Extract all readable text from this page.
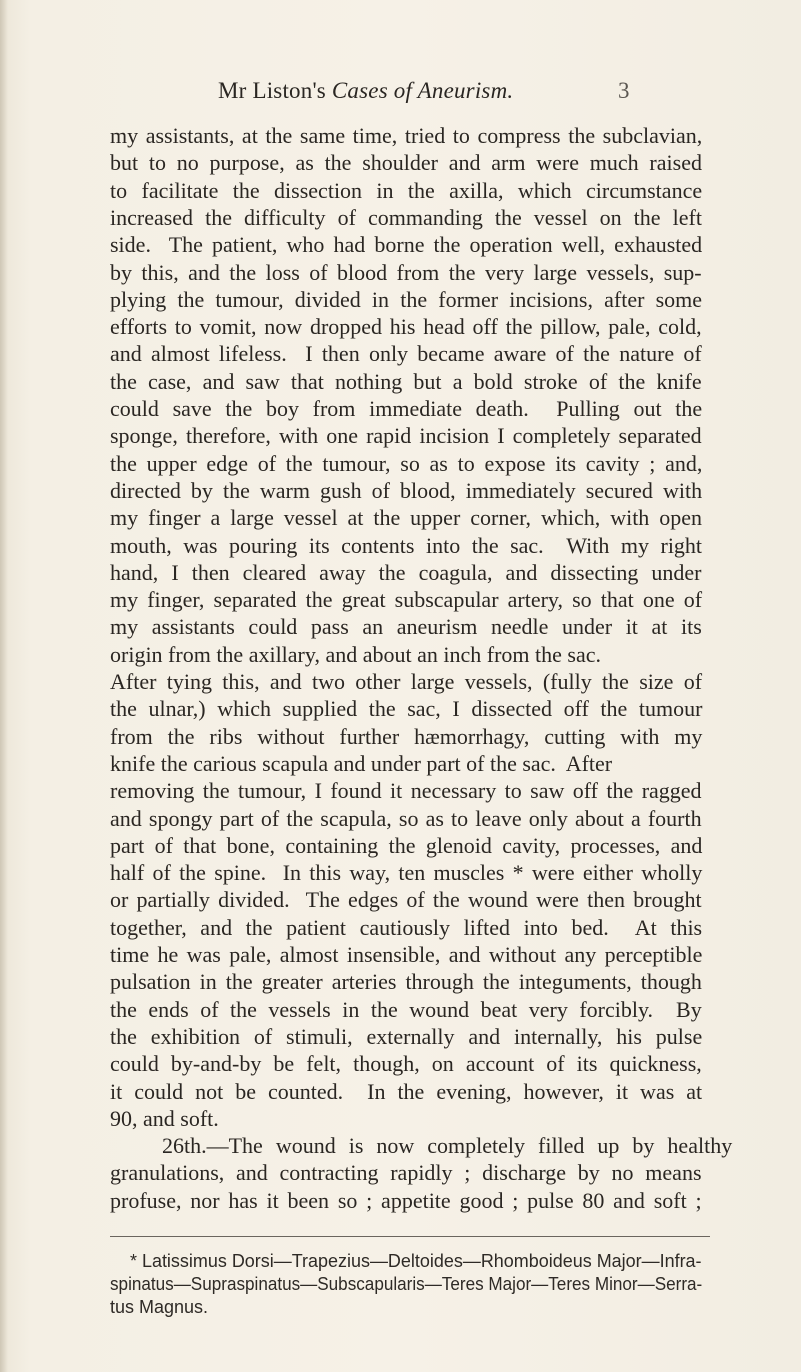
Mr Liston's Cases of Aneurism.	3
my assistants, at the same time, tried to compress the subclavian,
but to no purpose, as the shoulder and arm were much raised
to facilitate the dissection in the axilla, which circumstance
increased the difficulty of commanding the vessel on the left
side.  The patient, who had borne the operation well, exhausted
by this, and the loss of blood from the very large vessels, sup-
plying the tumour, divided in the former incisions, after some
efforts to vomit, now dropped his head off the pillow, pale, cold,
and almost lifeless.  I then only became aware of the nature of
the case, and saw that nothing but a bold stroke of the knife
could save the boy from immediate death.  Pulling out the
sponge, therefore, with one rapid incision I completely separated
the upper edge of the tumour, so as to expose its cavity ; and,
directed by the warm gush of blood, immediately secured with
my finger a large vessel at the upper corner, which, with open
mouth, was pouring its contents into the sac.  With my right
hand, I then cleared away the coagula, and dissecting under
my finger, separated the great subscapular artery, so that one of
my assistants could pass an aneurism needle under it at its
origin from the axillary, and about an inch from the sac.
After tying this, and two other large vessels, (fully the size of
the ulnar,) which supplied the sac, I dissected off the tumour
from the ribs without further hæmorrhagy, cutting with my
knife the carious scapula and under part of the sac.  After
removing the tumour, I found it necessary to saw off the ragged
and spongy part of the scapula, so as to leave only about a fourth
part of that bone, containing the glenoid cavity, processes, and
half of the spine.  In this way, ten muscles * were either wholly
or partially divided.  The edges of the wound were then brought
together, and the patient cautiously lifted into bed.  At this
time he was pale, almost insensible, and without any perceptible
pulsation in the greater arteries through the integuments, though
the ends of the vessels in the wound beat very forcibly.  By
the exhibition of stimuli, externally and internally, his pulse
could by-and-by be felt, though, on account of its quickness,
it could not be counted.  In the evening, however, it was at
90, and soft.
26th.—The wound is now completely filled up by healthy
granulations, and contracting rapidly ; discharge by no means
profuse, nor has it been so ; appetite good ; pulse 80 and soft ;
* Latissimus Dorsi—Trapezius—Deltoides—Rhomboideus Major—Infra-
spinatus—Supraspinatus—Subscapularis—Teres Major—Teres Minor—Serra-
tus Magnus.
